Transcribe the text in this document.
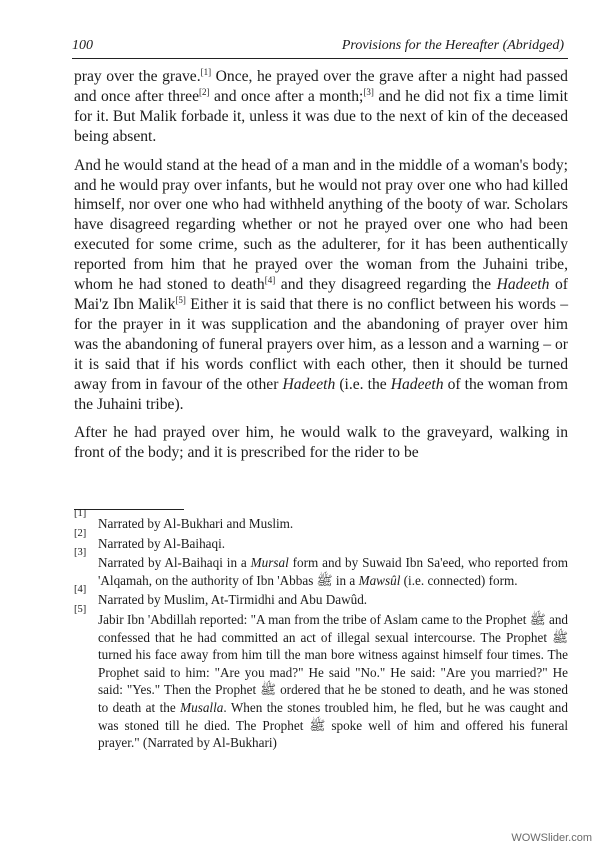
100	Provisions for the Hereafter (Abridged)

pray over the grave.[1] Once, he prayed over the grave after a night had passed and once after three[2] and once after a month;[3] and he did not fix a time limit for it. But Malik forbade it, unless it was due to the next of kin of the deceased being absent.

And he would stand at the head of a man and in the middle of a woman's body; and he would pray over infants, but he would not pray over one who had killed himself, nor over one who had withheld anything of the booty of war. Scholars have disagreed regarding whether or not he prayed over one who had been executed for some crime, such as the adulterer, for it has been authentically reported from him that he prayed over the woman from the Juhaini tribe, whom he had stoned to death[4] and they disagreed regarding the Hadeeth of Mai'z Ibn Malik[5] Either it is said that there is no conflict between his words – for the prayer in it was supplication and the abandoning of prayer over him was the abandoning of funeral prayers over him, as a lesson and a warning – or it is said that if his words conflict with each other, then it should be turned away from in favour of the other Hadeeth (i.e. the Hadeeth of the woman from the Juhaini tribe).

After he had prayed over him, he would walk to the graveyard, walking in front of the body; and it is prescribed for the rider to be

[1]
Narrated by Al-Bukhari and Muslim.
[2]
Narrated by Al-Baihaqi.
[3]
Narrated by Al-Baihaqi in a Mursal form and by Suwaid Ibn Sa'eed, who reported from 'Alqamah, on the authority of Ibn 'Abbas ﷺ in a Mawsûl (i.e. connected) form.
[4]
Narrated by Muslim, At-Tirmidhi and Abu Dawûd.
[5]
Jabir Ibn 'Abdillah reported: "A man from the tribe of Aslam came to the Prophet ﷺ and confessed that he had committed an act of illegal sexual intercourse. The Prophet ﷺ turned his face away from him till the man bore witness against himself four times. The Prophet said to him: "Are you mad?" He said "No." He said: "Are you married?" He said: "Yes." Then the Prophet ﷺ ordered that he be stoned to death, and he was stoned to death at the Musalla. When the stones troubled him, he fled, but he was caught and was stoned till he died. The Prophet ﷺ spoke well of him and offered his funeral prayer." (Narrated by Al-Bukhari)
WOWSlider.com
